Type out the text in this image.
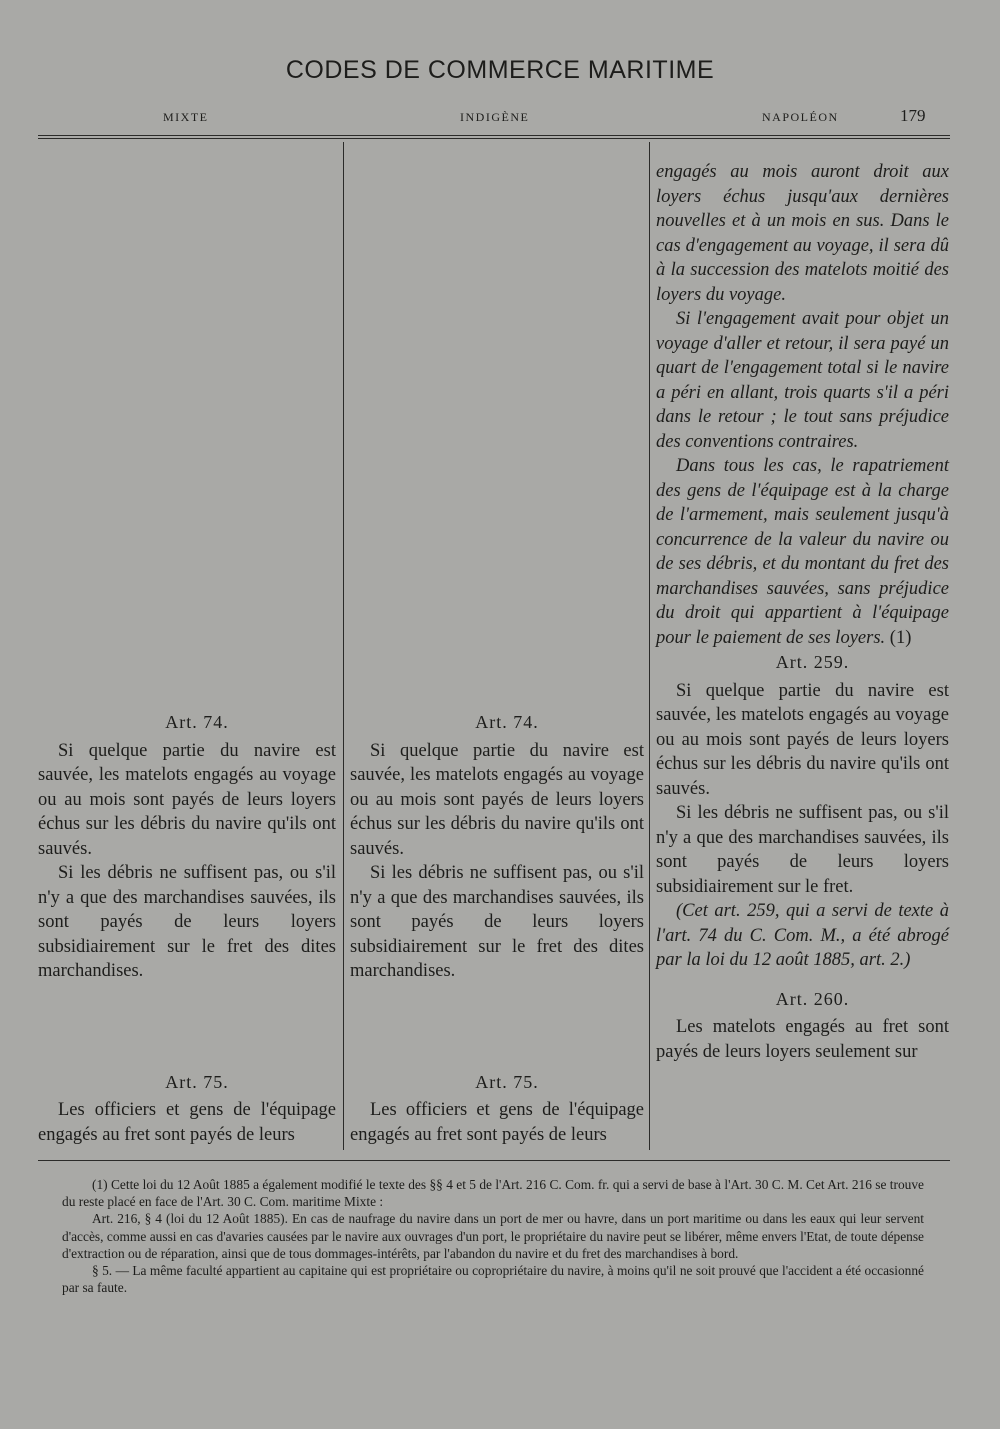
CODES DE COMMERCE MARITIME
MIXTE	INDIGÈNE	NAPOLÉON	179

Art. 74.

Si quelque partie du navire est sauvée, les matelots engagés au voyage ou au mois sont payés de leurs loyers échus sur les débris du navire qu'ils ont sauvés.

Si les débris ne suffisent pas, ou s'il n'y a que des marchandises sauvées, ils sont payés de leurs loyers subsidiairement sur le fret des dites marchandises.

Art. 75.

Les officiers et gens de l'équipage engagés au fret sont payés de leurs

Art. 74.

Si quelque partie du navire est sauvée, les matelots engagés au voyage ou au mois sont payés de leurs loyers échus sur les débris du navire qu'ils ont sauvés.

Si les débris ne suffisent pas, ou s'il n'y a que des marchandises sauvées, ils sont payés de leurs loyers subsidiairement sur le fret des dites marchandises.

Art. 75.

Les officiers et gens de l'équipage engagés au fret sont payés de leurs

engagés au mois auront droit aux loyers échus jusqu'aux dernières nouvelles et à un mois en sus. Dans le cas d'engagement au voyage, il sera dû à la succession des matelots moitié des loyers du voyage.

Si l'engagement avait pour objet un voyage d'aller et retour, il sera payé un quart de l'engagement total si le navire a péri en allant, trois quarts s'il a péri dans le retour ; le tout sans préjudice des conventions contraires.

Dans tous les cas, le rapatriement des gens de l'équipage est à la charge de l'armement, mais seulement jusqu'à concurrence de la valeur du navire ou de ses débris, et du montant du fret des marchandises sauvées, sans préjudice du droit qui appartient à l'équipage pour le paiement de ses loyers. (1)

Art. 259.

Si quelque partie du navire est sauvée, les matelots engagés au voyage ou au mois sont payés de leurs loyers échus sur les débris du navire qu'ils ont sauvés.

Si les débris ne suffisent pas, ou s'il n'y a que des marchandises sauvées, ils sont payés de leurs loyers subsidiairement sur le fret.

(Cet art. 259, qui a servi de texte à l'art. 74 du C. Com. M., a été abrogé par la loi du 12 août 1885, art. 2.)

Art. 260.

Les matelots engagés au fret sont payés de leurs loyers seulement sur

(1) Cette loi du 12 Août 1885 a également modifié le texte des §§ 4 et 5 de l'Art. 216 C. Com. fr. qui a servi de base à l'Art. 30 C. M. Cet Art. 216 se trouve du reste placé en face de l'Art. 30 C. Com. maritime Mixte :

Art. 216, § 4 (loi du 12 Août 1885). En cas de naufrage du navire dans un port de mer ou havre, dans un port maritime ou dans les eaux qui leur servent d'accès, comme aussi en cas d'avaries causées par le navire aux ouvrages d'un port, le propriétaire du navire peut se libérer, même envers l'Etat, de toute dépense d'extraction ou de réparation, ainsi que de tous dommages-intérêts, par l'abandon du navire et du fret des marchandises à bord.

§ 5. — La même faculté appartient au capitaine qui est propriétaire ou copropriétaire du navire, à moins qu'il ne soit prouvé que l'accident a été occasionné par sa faute.
